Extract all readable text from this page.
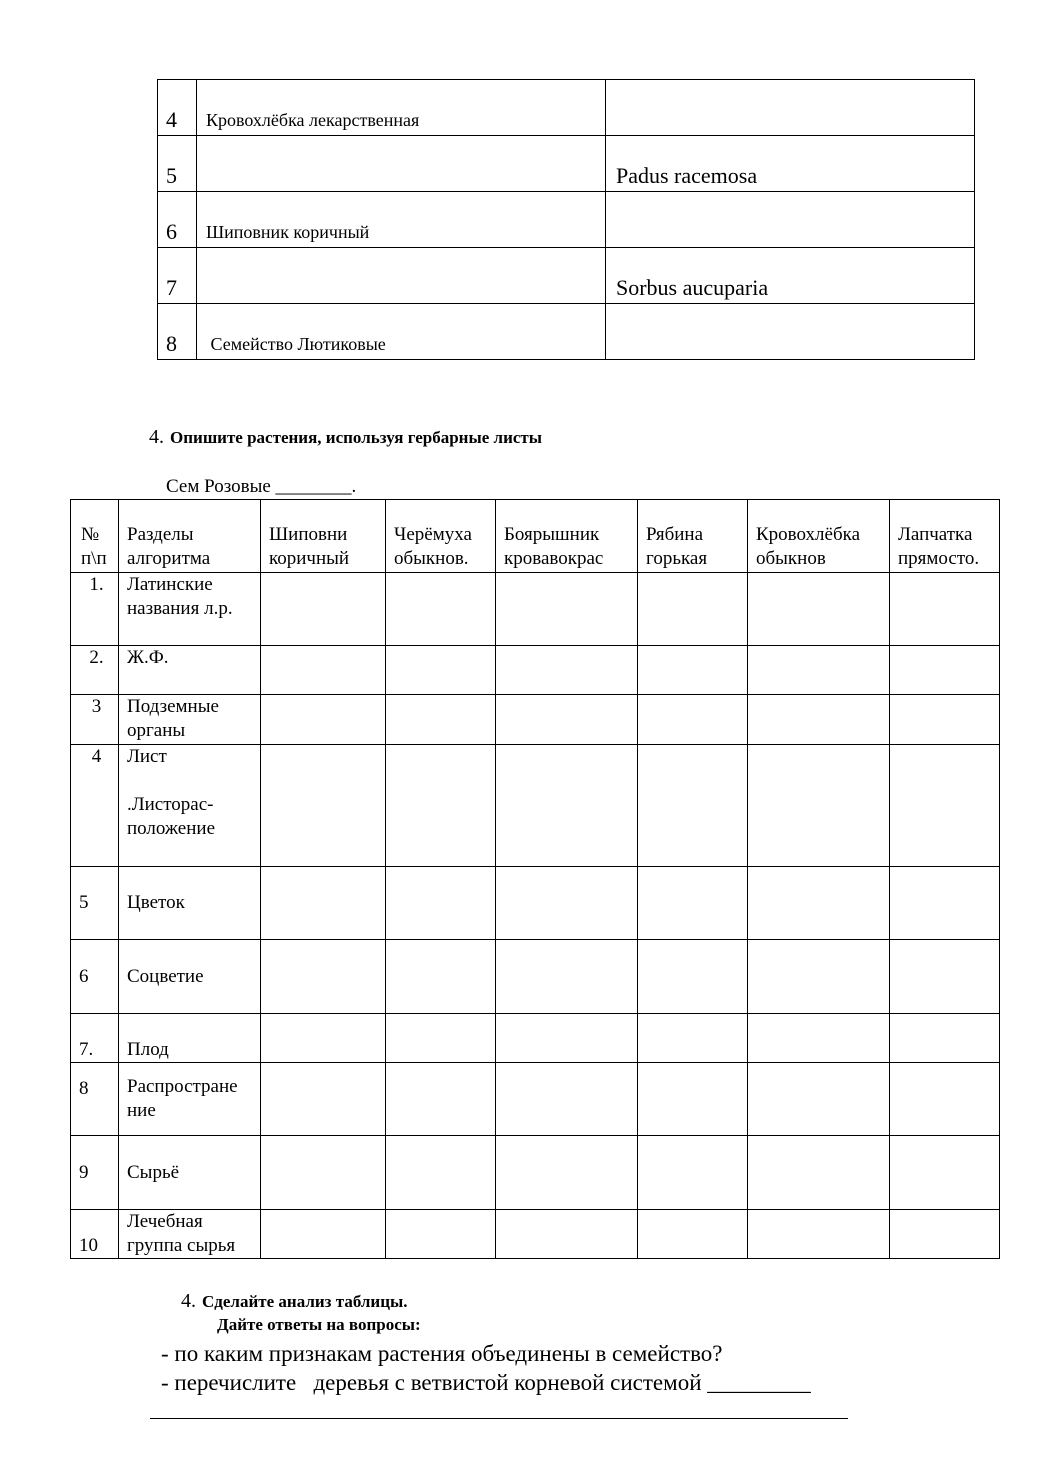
4	Кровохлёбка лекарственная	
5		Padus racemosa
6	Шиповник коричный	
7		Sorbus aucuparia
8	Семейство Лютиковые	
4. Опишите растения, используя гербарные листы
Сем Розовые ________.
№ п\п	Разделы алгоритма	Шиповни коричный	Черёмуха обыкнов.	Боярышник кровавокрас	Рябина горькая	Кровохлёбка обыкнов	Лапчатка прямосто.
1.	Латинские названия л.р.						
2.	Ж.Ф.						
3	Подземные органы						
4	Лист
.Листорас-положение						

5	Цветок						
6	Соцветие						
7.	Плод						
8	Распростране ние						
9	Сырьё						
10	Лечебная группа сырья						
4. Сделайте анализ таблицы.
Дайте ответы на вопросы:
- по каким признакам растения объединены в семейство?
- перечислите   деревья с ветвистой корневой системой _________
